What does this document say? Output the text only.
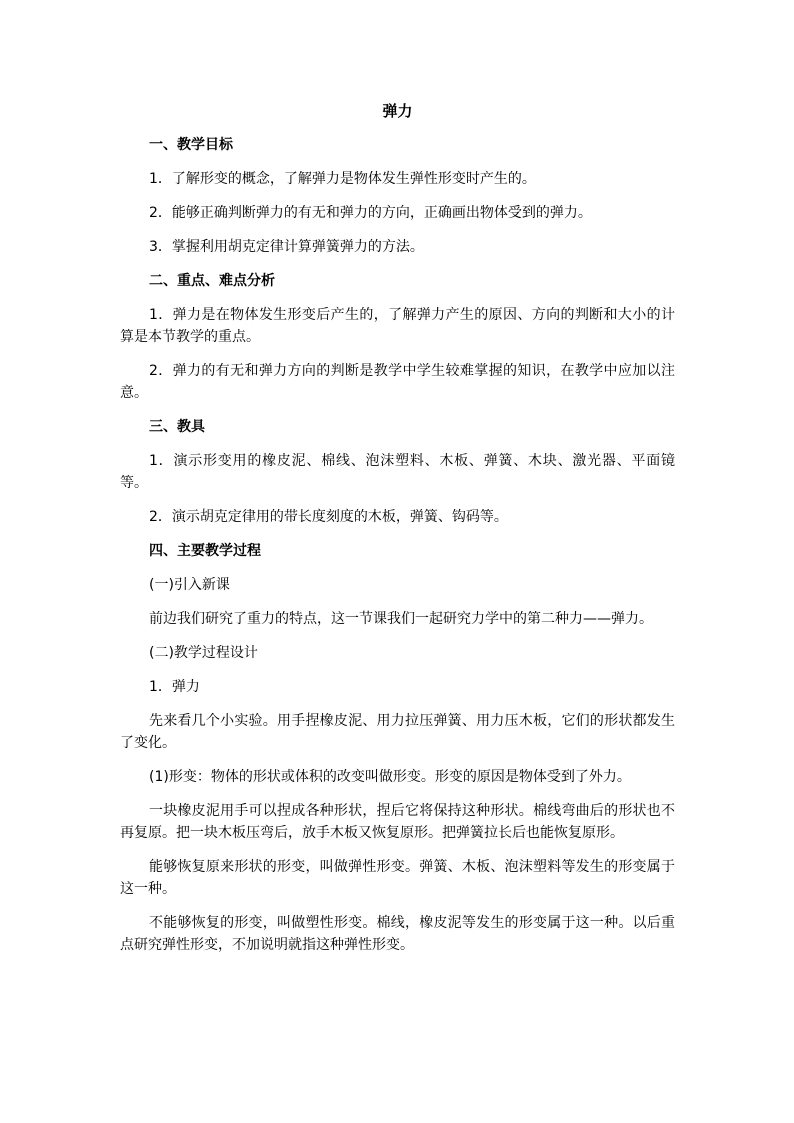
弹力
一、教学目标

1．了解形变的概念，了解弹力是物体发生弹性形变时产生的。

2．能够正确判断弹力的有无和弹力的方向，正确画出物体受到的弹力。

3．掌握利用胡克定律计算弹簧弹力的方法。

二、重点、难点分析

1．弹力是在物体发生形变后产生的，了解弹力产生的原因、方向的判断和大小的计算是本节教学的重点。

2．弹力的有无和弹力方向的判断是教学中学生较难掌握的知识，在教学中应加以注意。

三、教具

1．演示形变用的橡皮泥、棉线、泡沫塑料、木板、弹簧、木块、激光器、平面镜等。

2．演示胡克定律用的带长度刻度的木板，弹簧、钩码等。

四、主要教学过程

(一)引入新课

前边我们研究了重力的特点，这一节课我们一起研究力学中的第二种力——弹力。

(二)教学过程设计

1．弹力

先来看几个小实验。用手捏橡皮泥、用力拉压弹簧、用力压木板，它们的形状都发生了变化。

(1)形变：物体的形状或体积的改变叫做形变。形变的原因是物体受到了外力。

一块橡皮泥用手可以捏成各种形状，捏后它将保持这种形状。棉线弯曲后的形状也不再复原。把一块木板压弯后，放手木板又恢复原形。把弹簧拉长后也能恢复原形。

能够恢复原来形状的形变，叫做弹性形变。弹簧、木板、泡沫塑料等发生的形变属于这一种。

不能够恢复的形变，叫做塑性形变。棉线，橡皮泥等发生的形变属于这一种。以后重点研究弹性形变，不加说明就指这种弹性形变。
